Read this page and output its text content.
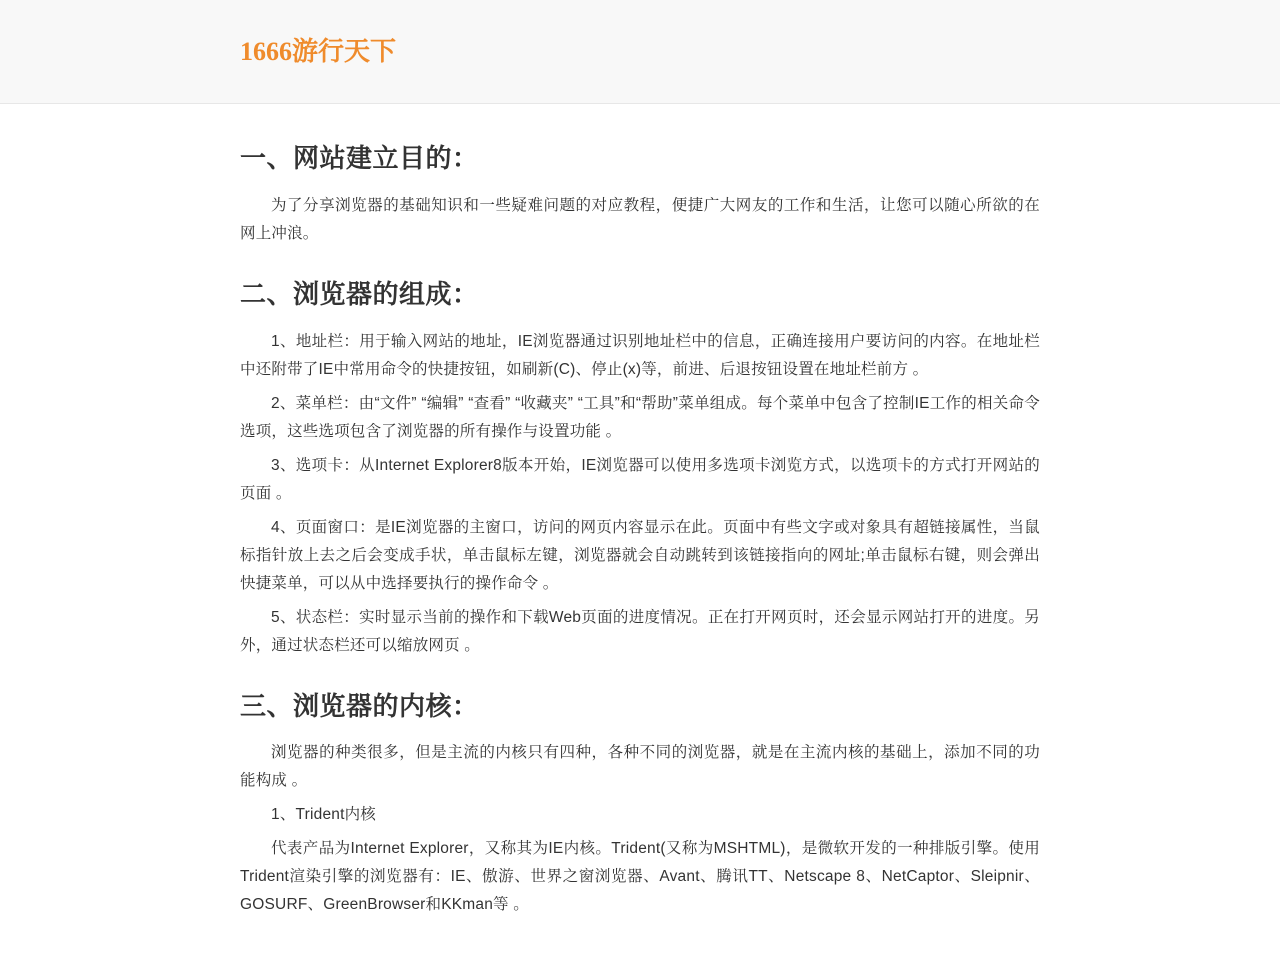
1666游行天下
一、网站建立目的：

为了分享浏览器的基础知识和一些疑难问题的对应教程，便捷广大网友的工作和生活，让您可以随心所欲的在网上冲浪。

二、浏览器的组成：

1、地址栏：用于输入网站的地址，IE浏览器通过识别地址栏中的信息，正确连接用户要访问的内容。在地址栏中还附带了IE中常用命令的快捷按钮，如刷新(C)、停止(x)等，前进、后退按钮设置在地址栏前方 。

2、菜单栏：由“文件” “编辑” “查看” “收藏夹” “工具”和“帮助”菜单组成。每个菜单中包含了控制IE工作的相关命令选项，这些选项包含了浏览器的所有操作与设置功能 。

3、选项卡：从Internet Explorer8版本开始，IE浏览器可以使用多选项卡浏览方式，以选项卡的方式打开网站的页面 。

4、页面窗口：是IE浏览器的主窗口，访问的网页内容显示在此。页面中有些文字或对象具有超链接属性，当鼠标指针放上去之后会变成手状，单击鼠标左键，浏览器就会自动跳转到该链接指向的网址;单击鼠标右键，则会弹出快捷菜单，可以从中选择要执行的操作命令 。

5、状态栏：实时显示当前的操作和下载Web页面的进度情况。正在打开网页时，还会显示网站打开的进度。另外，通过状态栏还可以缩放网页 。

三、浏览器的内核：

浏览器的种类很多，但是主流的内核只有四种，各种不同的浏览器，就是在主流内核的基础上，添加不同的功能构成 。

1、Trident内核

代表产品为Internet Explorer，又称其为IE内核。Trident(又称为MSHTML)，是微软开发的一种排版引擎。使用Trident渲染引擎的浏览器有：IE、傲游、世界之窗浏览器、Avant、腾讯TT、Netscape 8、NetCaptor、Sleipnir、GOSURF、GreenBrowser和KKman等 。
